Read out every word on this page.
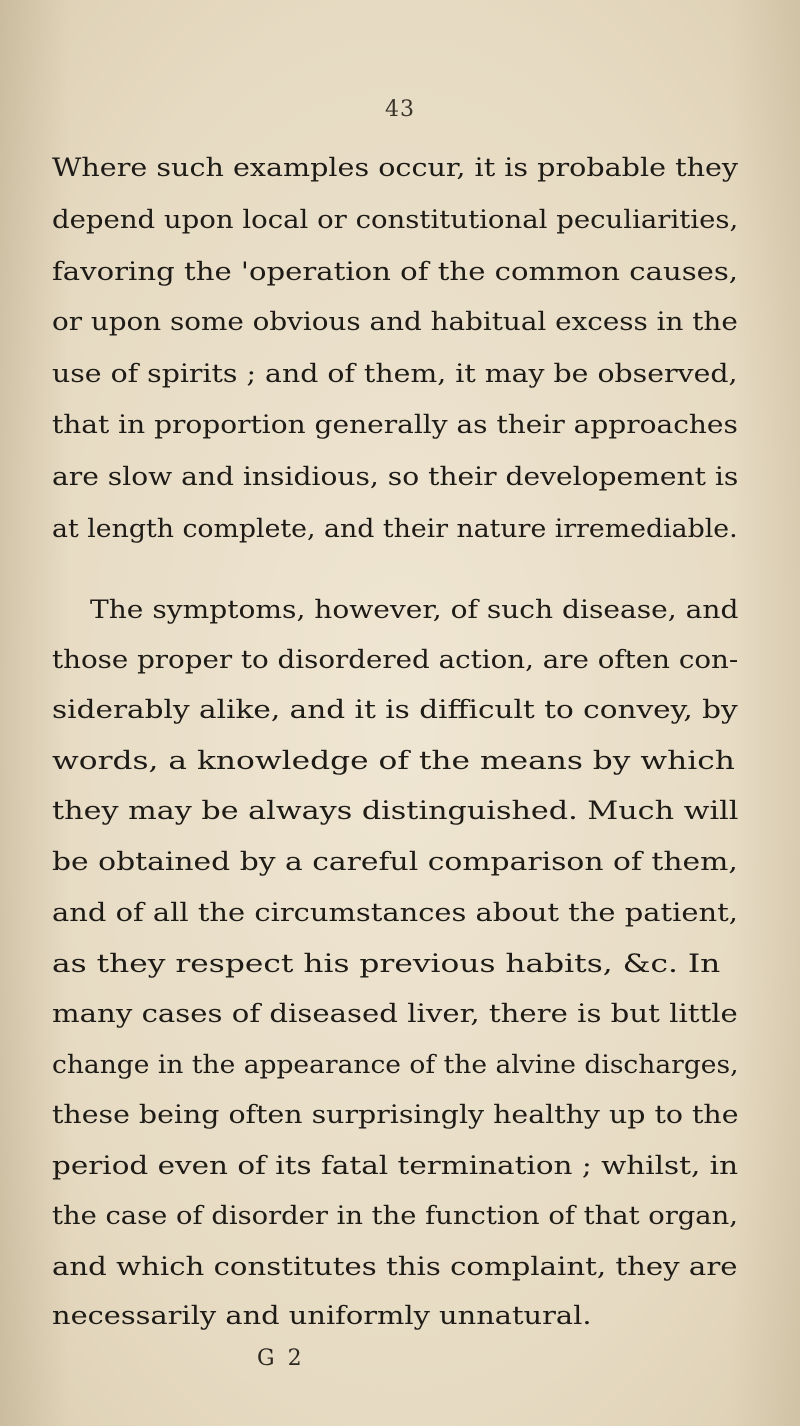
43
Where such examples occur, it is probable they
depend upon local or constitutional peculiarities,
favoring the 'operation of the common causes,
or upon some obvious and habitual excess in the
use of spirits ; and of them, it may be observed,
that in proportion generally as their approaches
are slow and insidious, so their developement is
at length complete, and their nature irremediable.
The symptoms, however, of such disease, and
those proper to disordered action, are often con-
siderably alike, and it is difficult to convey, by
words, a knowledge of the means by which
they may be always distinguished. Much will
be obtained by a careful comparison of them,
and of all the circumstances about the patient,
as they respect his previous habits, &c. In
many cases of diseased liver, there is but little
change in the appearance of the alvine discharges,
these being often surprisingly healthy up to the
period even of its fatal termination ; whilst, in
the case of disorder in the function of that organ,
and which constitutes this complaint, they are
necessarily and uniformly unnatural.
G 2
